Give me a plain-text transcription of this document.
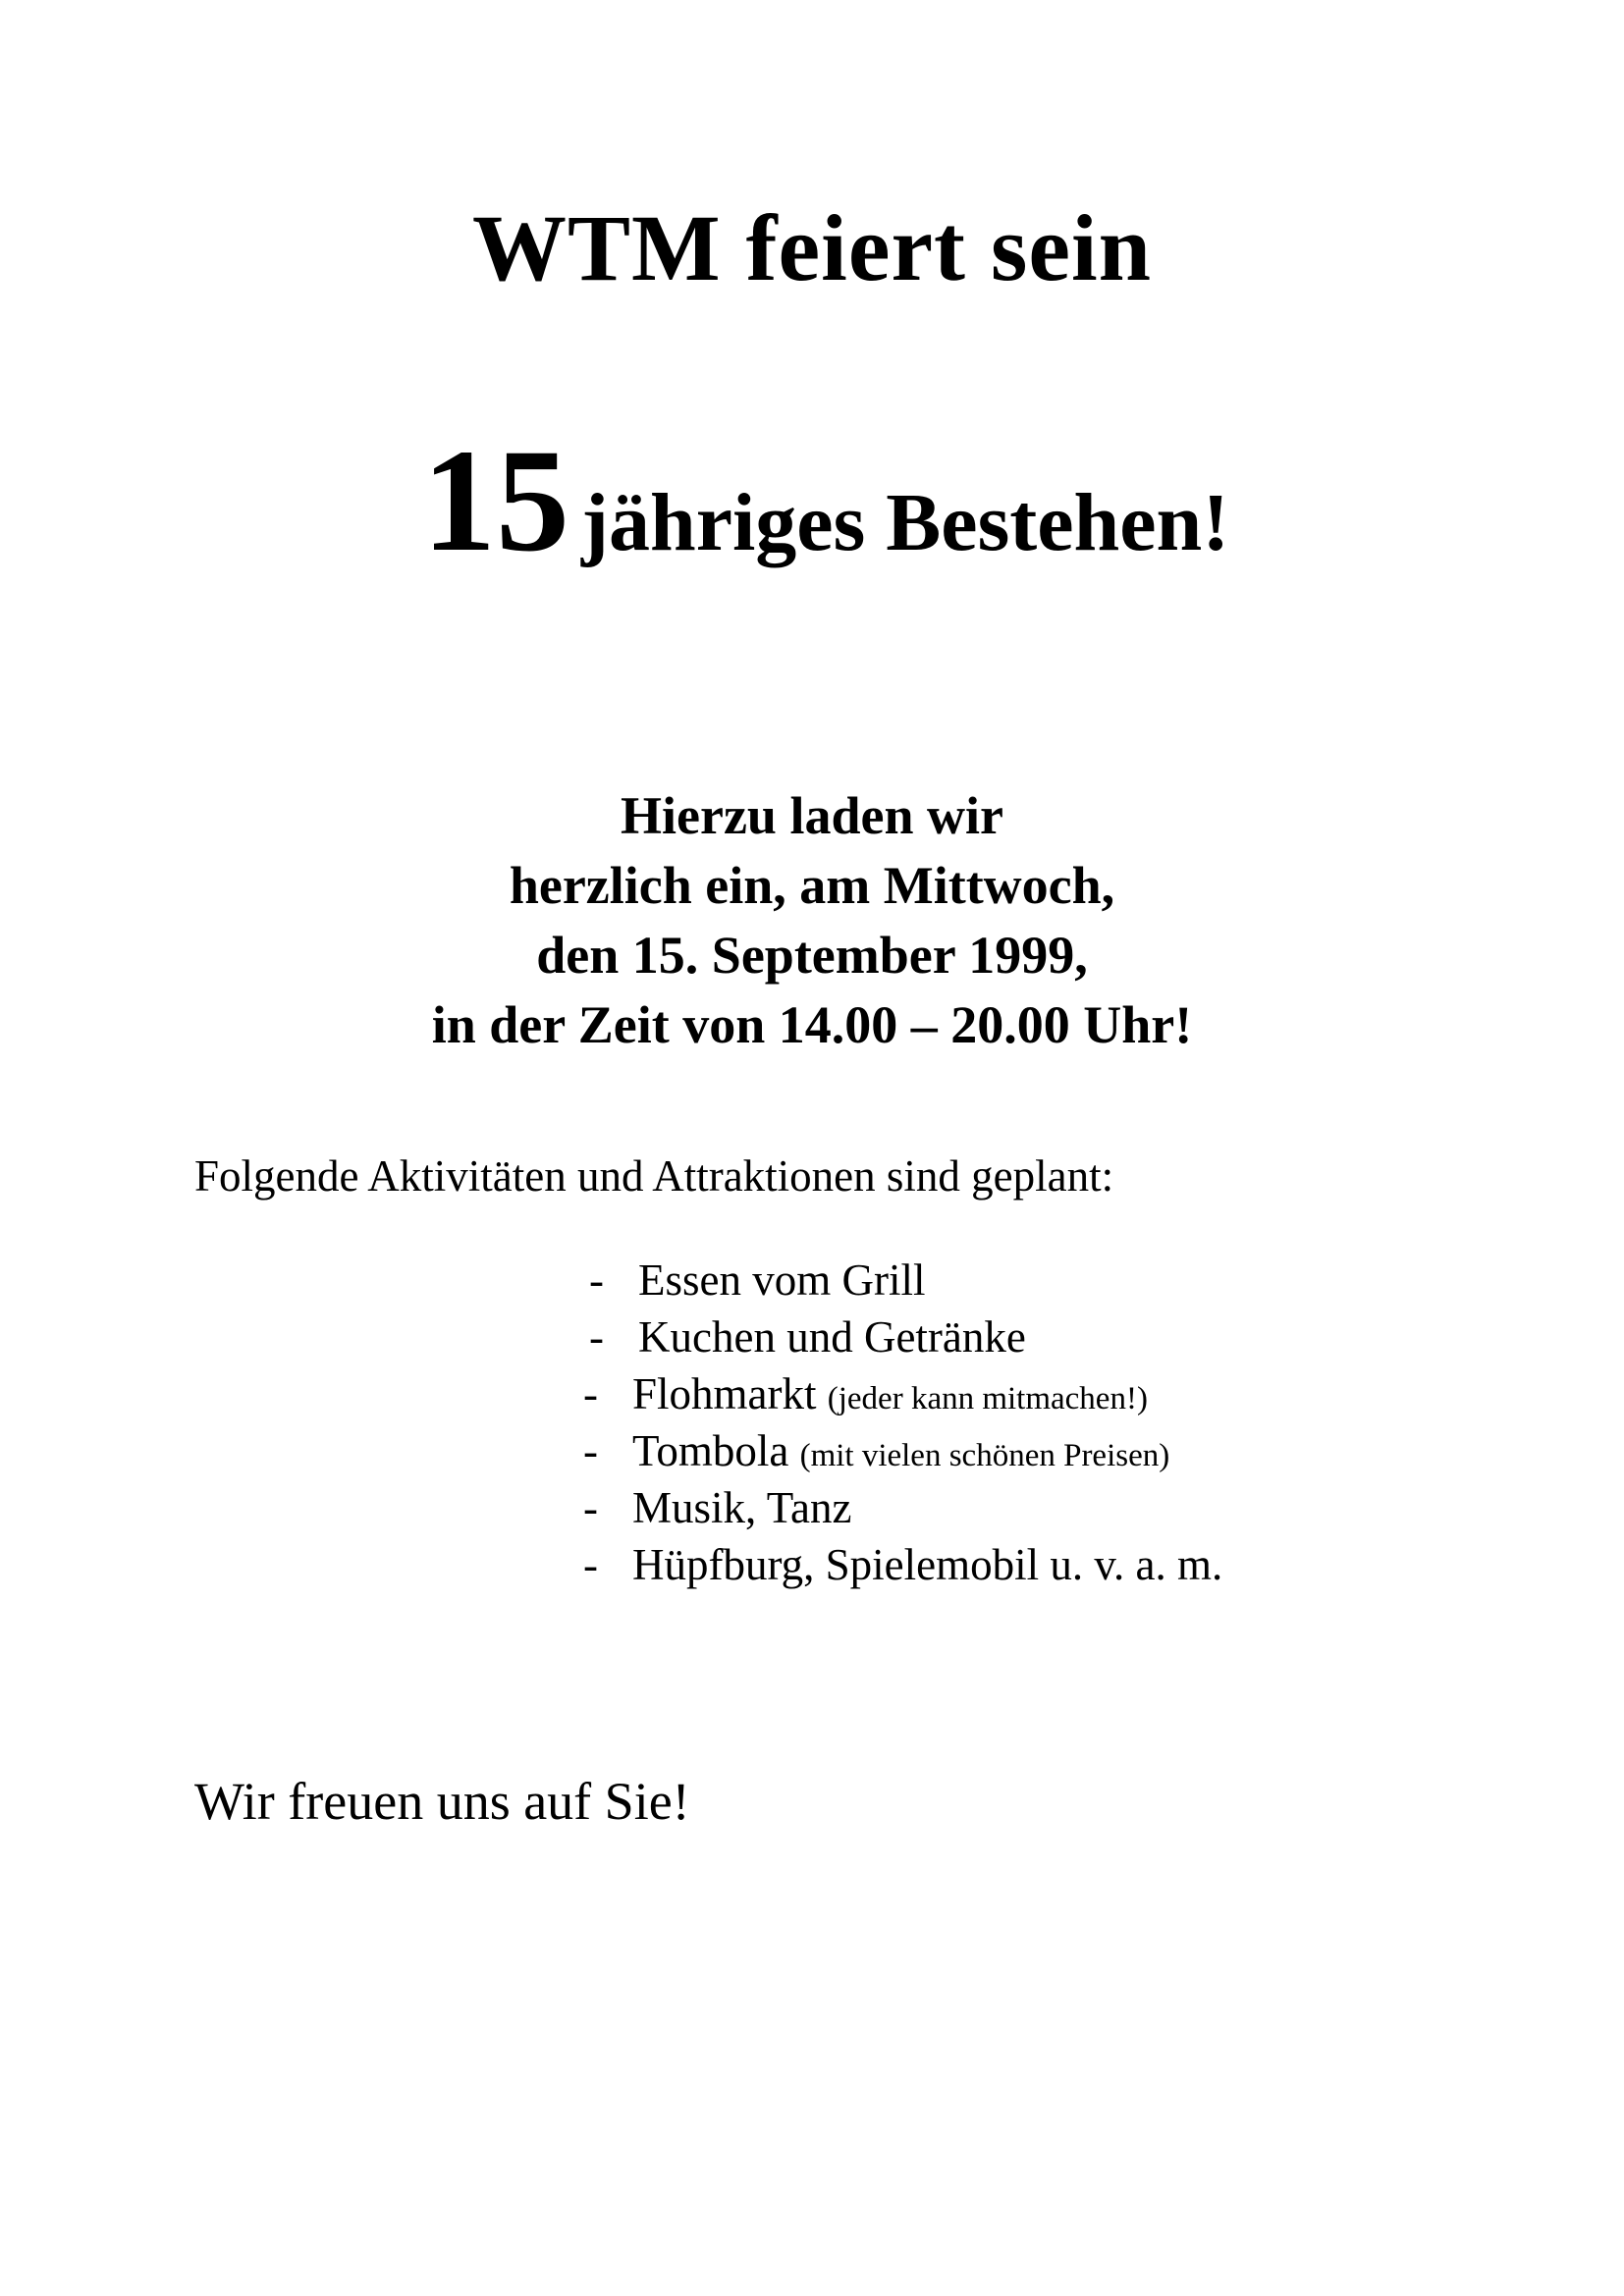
WTM feiert sein
15 jähriges Bestehen!
Hierzu laden wir
herzlich ein, am Mittwoch,
den 15. September 1999,
in der Zeit von 14.00 – 20.00 Uhr!
Folgende Aktivitäten und Attraktionen sind geplant:
- Essen vom Grill
- Kuchen und Getränke
- Flohmarkt (jeder kann mitmachen!)
- Tombola (mit vielen schönen Preisen)
- Musik, Tanz
- Hüpfburg, Spielemobil u. v. a. m.
Wir freuen uns auf Sie!
